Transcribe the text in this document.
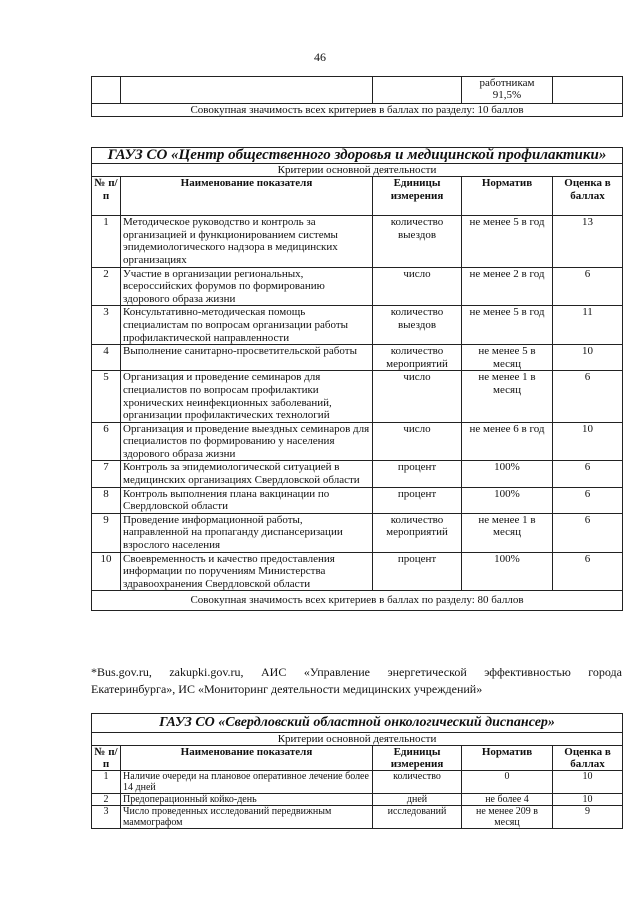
46
			работникам 91,5%	
Совокупная значимость всех критериев в баллах по разделу: 10 баллов
ГАУЗ СО «Центр общественного здоровья и медицинской профилактики»				
Критерии основной деятельности				
№ п/п	Наименование показателя	Единицы измерения	Норматив	Оценка в баллах
1	Методическое руководство и контроль за организацией и функционированием системы эпидемиологического надзора в медицинских организациях	количество выездов	не менее 5 в год	13
2	Участие в организации региональных, всероссийских форумов по формированию здорового образа жизни	число	не менее 2 в год	6
3	Консультативно-методическая помощь специалистам по вопросам организации работы профилактической направленности	количество выездов	не менее 5 в год	11
4	Выполнение санитарно-просветительской работы	количество мероприятий	не менее 5 в месяц	10
5	Организация и проведение семинаров для специалистов по вопросам профилактики хронических неинфекционных заболеваний, организации профилактических технологий	число	не менее 1 в месяц	6
6	Организация и проведение выездных семинаров для специалистов по формированию у населения здорового образа жизни	число	не менее 6 в год	10
7	Контроль за эпидемиологической ситуацией в медицинских организациях Свердловской области	процент	100%	6
8	Контроль выполнения плана вакцинации по Свердловской области	процент	100%	6
9	Проведение информационной работы, направленной на пропаганду диспансеризации взрослого населения	количество мероприятий	не менее 1 в месяц	6
10	Своевременность и качество предоставления информации по поручениям Министерства здравоохранения Свердловской области	процент	100%	6
Совокупная значимость всех критериев в баллах по разделу: 80 баллов				
*Bus.gov.ru, zakupki.gov.ru, АИС «Управление энергетической эффективностью города
Екатеринбурга», ИС «Мониторинг деятельности медицинских учреждений»
ГАУЗ СО «Свердловский областной онкологический диспансер»				
Критерии основной деятельности				
№ п/п	Наименование показателя	Единицы измерения	Норматив	Оценка в баллах
1	Наличие очереди на плановое оперативное лечение более 14 дней	количество	0	10
2	Предоперационный койко-день	дней	не более 4	10
3	Число проведенных исследований передвижным маммографом	исследований	не менее 209 в месяц	9
